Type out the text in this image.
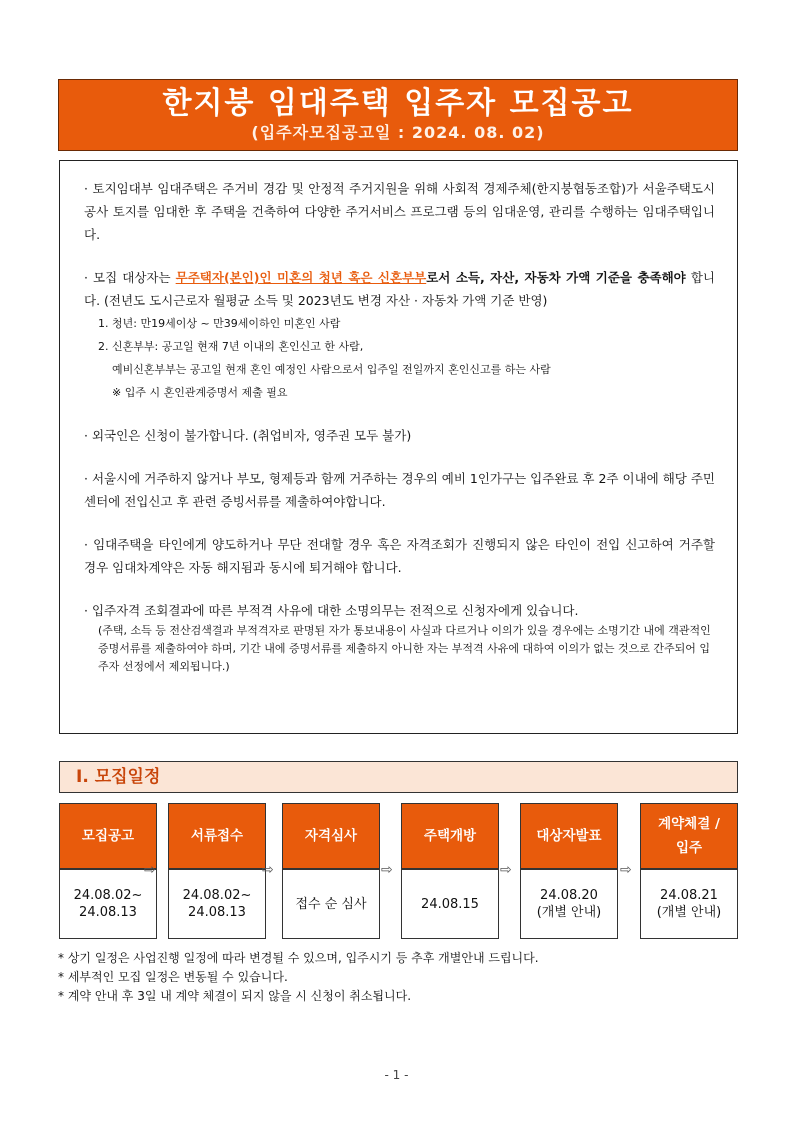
한지붕 임대주택 입주자 모집공고
(입주자모집공고일 : 2024. 08. 02)

· 토지임대부 임대주택은 주거비 경감 및 안정적 주거지원을 위해 사회적 경제주체(한지붕협동조합)가 서울주택도시공사 토지를 임대한 후 주택을 건축하여 다양한 주거서비스 프로그램 등의 임대운영, 관리를 수행하는 임대주택입니다.

· 모집 대상자는 무주택자(본인)인 미혼의 청년 혹은 신혼부부로서 소득, 자산, 자동차 가액 기준을 충족해야 합니다. (전년도 도시근로자 월평균 소득 및 2023년도 변경 자산 · 자동차 가액 기준 반영)

1. 청년: 만19세이상 ~ 만39세이하인 미혼인 사람
2. 신혼부부: 공고일 현재 7년 이내의 혼인신고 한 사람,
예비신혼부부는 공고일 현재 혼인 예정인 사람으로서 입주일 전일까지 혼인신고를 하는 사람
※ 입주 시 혼인관계증명서 제출 필요

· 외국인은 신청이 불가합니다. (취업비자, 영주권 모두 불가)

· 서울시에 거주하지 않거나 부모, 형제등과 함께 거주하는 경우의 예비 1인가구는 입주완료 후 2주 이내에 해당 주민센터에 전입신고 후 관련 증빙서류를 제출하여야합니다.

· 임대주택을 타인에게 양도하거나 무단 전대할 경우 혹은 자격조회가 진행되지 않은 타인이 전입 신고하여 거주할 경우 임대차계약은 자동 해지됨과 동시에 퇴거해야 합니다.

· 입주자격 조회결과에 따른 부적격 사유에 대한 소명의무는 전적으로 신청자에게 있습니다.

(주택, 소득 등 전산검색결과 부적격자로 판명된 자가 통보내용이 사실과 다르거나 이의가 있을 경우에는 소명기간 내에 객관적인 증명서류를 제출하여야 하며, 기간 내에 증명서류를 제출하지 아니한 자는 부적격 사유에 대하여 이의가 없는 것으로 간주되어 입주자 선정에서 제외됩니다.)
Ⅰ. 모집일정
모집공고
24.08.02~
24.08.13
⇨
서류접수
24.08.02~
24.08.13
⇨
자격심사
접수 순 심사
⇨
주택개방
24.08.15
⇨
대상자발표
24.08.20
(개별 안내)
⇨
계약체결 /
입주
24.08.21
(개별 안내)
* 상기 일정은 사업진행 일정에 따라 변경될 수 있으며, 입주시기 등 추후 개별안내 드립니다.
* 세부적인 모집 일정은 변동될 수 있습니다.
* 계약 안내 후 3일 내 계약 체결이 되지 않을 시 신청이 취소됩니다.
- 1 -
